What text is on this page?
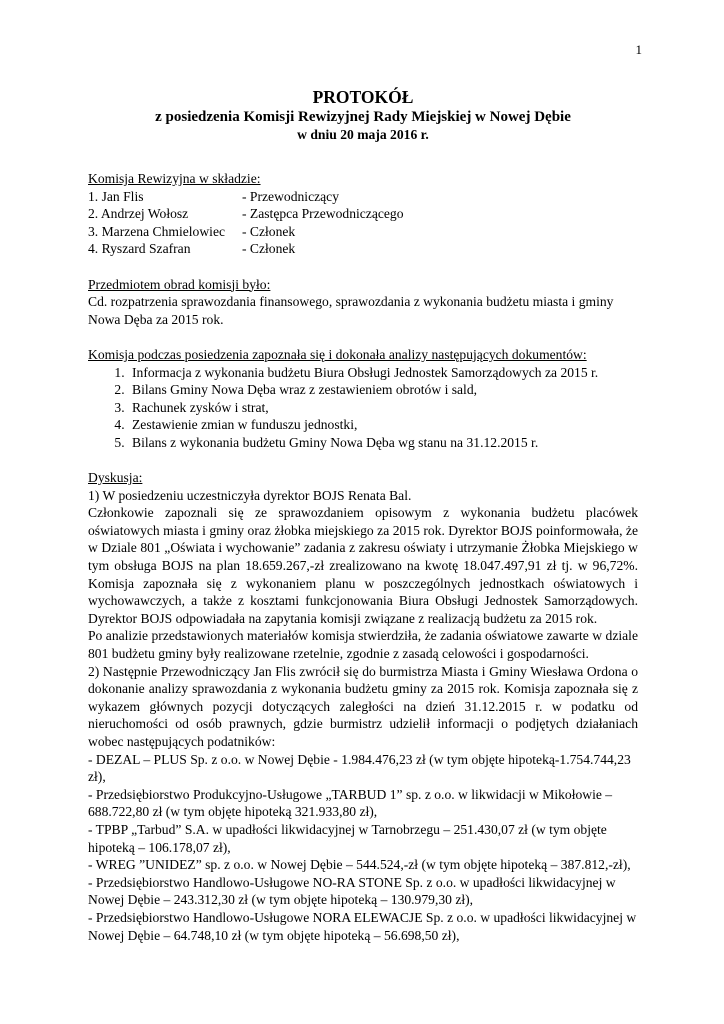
1
PROTOKÓŁ
z posiedzenia Komisji Rewizyjnej Rady Miejskiej w Nowej Dębie
w dniu 20 maja 2016 r.
Komisja Rewizyjna w składzie:
1. Jan Flis	- Przewodniczący
2. Andrzej Wołosz	- Zastępca Przewodniczącego
3. Marzena Chmielowiec	- Członek
4. Ryszard Szafran	- Członek
Przedmiotem obrad komisji było:

Cd. rozpatrzenia sprawozdania finansowego, sprawozdania z wykonania budżetu miasta i gminy Nowa Dęba za 2015 rok.

Komisja podczas posiedzenia zapoznała się i dokonała analizy następujących dokumentów:
1. Informacja z wykonania budżetu Biura Obsługi Jednostek Samorządowych za 2015 r.
2. Bilans Gminy Nowa Dęba wraz z zestawieniem obrotów i sald,
3. Rachunek zysków i strat,
4. Zestawienie zmian w funduszu jednostki,
5. Bilans z wykonania budżetu Gminy Nowa Dęba wg stanu na 31.12.2015 r.
Dyskusja:

1) W posiedzeniu uczestniczyła dyrektor BOJS Renata Bal.

Członkowie zapoznali się ze sprawozdaniem opisowym z wykonania budżetu placówek oświatowych miasta i gminy oraz żłobka miejskiego za 2015 rok. Dyrektor BOJS poinformowała, że w Dziale 801 „Oświata i wychowanie” zadania z zakresu oświaty i utrzymanie Żłobka Miejskiego w tym obsługa BOJS na plan 18.659.267,-zł zrealizowano na kwotę 18.047.497,91 zł tj. w 96,72%. Komisja zapoznała się z wykonaniem planu w poszczególnych jednostkach oświatowych i wychowawczych, a także z kosztami funkcjonowania Biura Obsługi Jednostek Samorządowych. Dyrektor BOJS odpowiadała na zapytania komisji związane z realizacją budżetu za 2015 rok.

Po analizie przedstawionych materiałów komisja stwierdziła, że zadania oświatowe zawarte w dziale 801 budżetu gminy były realizowane rzetelnie, zgodnie z zasadą celowości i gospodarności.

2) Następnie Przewodniczący Jan Flis zwrócił się do burmistrza Miasta i Gminy Wiesława Ordona o dokonanie analizy sprawozdania z wykonania budżetu gminy za 2015 rok. Komisja zapoznała się z wykazem głównych pozycji dotyczących zaległości na dzień 31.12.2015 r. w podatku od nieruchomości od osób prawnych, gdzie burmistrz udzielił informacji o podjętych działaniach wobec następujących podatników:

- DEZAL – PLUS Sp. z o.o. w Nowej Dębie - 1.984.476,23 zł (w tym objęte hipoteką-1.754.744,23 zł),

- Przedsiębiorstwo Produkcyjno-Usługowe „TARBUD 1” sp. z o.o. w likwidacji w Mikołowie – 688.722,80 zł (w tym objęte hipoteką 321.933,80 zł),

- TPBP „Tarbud” S.A. w upadłości likwidacyjnej w Tarnobrzegu – 251.430,07 zł (w tym objęte hipoteką – 106.178,07 zł),

- WREG ”UNIDEZ” sp. z o.o. w Nowej Dębie – 544.524,-zł (w tym objęte hipoteką – 387.812,-zł),

- Przedsiębiorstwo Handlowo-Usługowe NO-RA STONE Sp. z o.o. w upadłości likwidacyjnej w Nowej Dębie – 243.312,30 zł (w tym objęte hipoteką – 130.979,30 zł),

- Przedsiębiorstwo Handlowo-Usługowe NORA ELEWACJE Sp. z o.o. w upadłości likwidacyjnej w Nowej Dębie – 64.748,10 zł (w tym objęte hipoteką – 56.698,50 zł),
